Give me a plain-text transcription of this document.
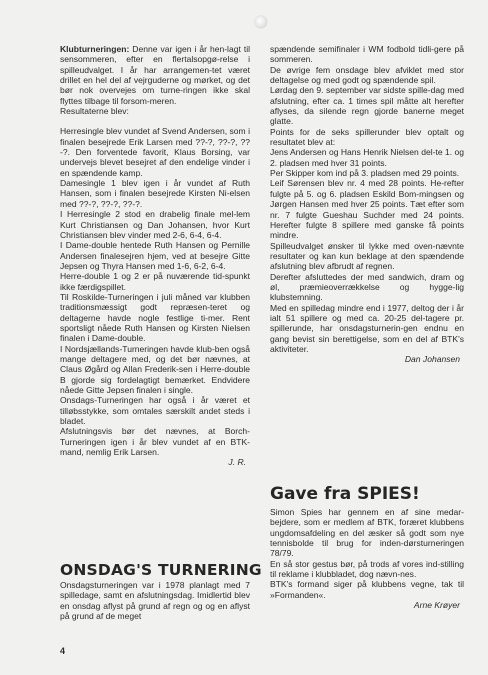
Klubturneringen: Denne var igen i år hen-lagt til sensommeren, efter en flertalsopgø-relse i spilleudvalget. I år har arrangemen-tet været drillet en hel del af vejrguderne og mørket, og det bør nok overvejes om turne-ringen ikke skal flyttes tilbage til forsom-meren.

Resultaterne blev:

Herresingle blev vundet af Svend Andersen, som i finalen besejrede Erik Larsen med ??-?, ??-?, ??-?. Den forventede favorit, Klaus Borsing, var undervejs blevet besejret af den endelige vinder i en spændende kamp.

Damesingle 1 blev igen i år vundet af Ruth Hansen, som i finalen besejrede Kirsten Ni-elsen med ??-?, ??-?, ??-?.

I Herresingle 2 stod en drabelig finale mel-lem Kurt Christiansen og Dan Johansen, hvor Kurt Christiansen blev vinder med 2-6, 6-4, 6-4.

I Dame-double hentede Ruth Hansen og Pernille Andersen finalesejren hjem, ved at besejre Gitte Jepsen og Thyra Hansen med 1-6, 6-2, 6-4.

Herre-double 1 og 2 er på nuværende tid-spunkt ikke færdigspillet.

Til Roskilde-Turneringen i juli måned var klubben traditionsmæssigt godt repræsen-teret og deltagerne havde nogle festlige ti-mer. Rent sportsligt nåede Ruth Hansen og Kirsten Nielsen finalen i Dame-double.

I Nordsjællands-Turneringen havde klub-ben også mange deltagere med, og det bør nævnes, at Claus Øgård og Allan Frederik-sen i Herre-double B gjorde sig fordelagtigt bemærket. Endvidere nåede Gitte Jepsen finalen i single.

Onsdags-Turneringen har også i år været et tilløbsstykke, som omtales særskilt andet steds i bladet.

Afslutningsvis bør det nævnes, at Borch-Turneringen igen i år blev vundet af en BTK-mand, nemlig Erik Larsen.

J. R.

ONSDAG'S TURNERING

Onsdagsturneringen var i 1978 planlagt med 7 spilledage, samt en afslutningsdag. Imidlertid blev en onsdag aflyst på grund af regn og og en aflyst på grund af de meget

spændende semifinaler i WM fodbold tidli-gere på sommeren.

De øvrige fem onsdage blev afviklet med stor deltagelse og med godt og spændende spil.

Lørdag den 9. september var sidste spille-dag med afslutning, efter ca. 1 times spil måtte alt herefter aflyses, da silende regn gjorde banerne meget glatte.

Points for de seks spillerunder blev optalt og resultatet blev at:

Jens Andersen og Hans Henrik Nielsen del-te 1. og 2. pladsen med hver 31 points.

Per Skipper kom ind på 3. pladsen med 29 points.

Leif Sørensen blev nr. 4 med 28 points. He-refter fulgte på 5. og 6. pladsen Eskild Bom-mingsen og Jørgen Hansen med hver 25 points. Tæt efter som nr. 7 fulgte Gueshau Suchder med 24 points. Herefter fulgte 8 spillere med ganske få points mindre.

Spilleudvalget ønsker til lykke med oven-nævnte resultater og kan kun beklage at den spændende afslutning blev afbrudt af regnen.

Derefter afsluttedes der med sandwich, dram og øl, præmieoverrækkelse og hygge-lig klubstemning.

Med en spilledag mindre end i 1977, deltog der i år ialt 51 spillere og med ca. 20-25 del-tagere pr. spillerunde, har onsdagsturnerin-gen endnu en gang bevist sin berettigelse, som en del af BTK's aktiviteter.

Dan Johansen

Gave fra SPIES!

Simon Spies har gennem en af sine medar-bejdere, som er medlem af BTK, foræret klubbens ungdomsafdeling en del æsker så godt som nye tennisbolde til brug for inden-dørsturneringen 78/79.

En så stor gestus bør, på trods af vores ind-stilling til reklame i klubbladet, dog nævn-nes.

BTK's formand siger på klubbens vegne, tak til »Formanden«.

Arne Krøyer

4
